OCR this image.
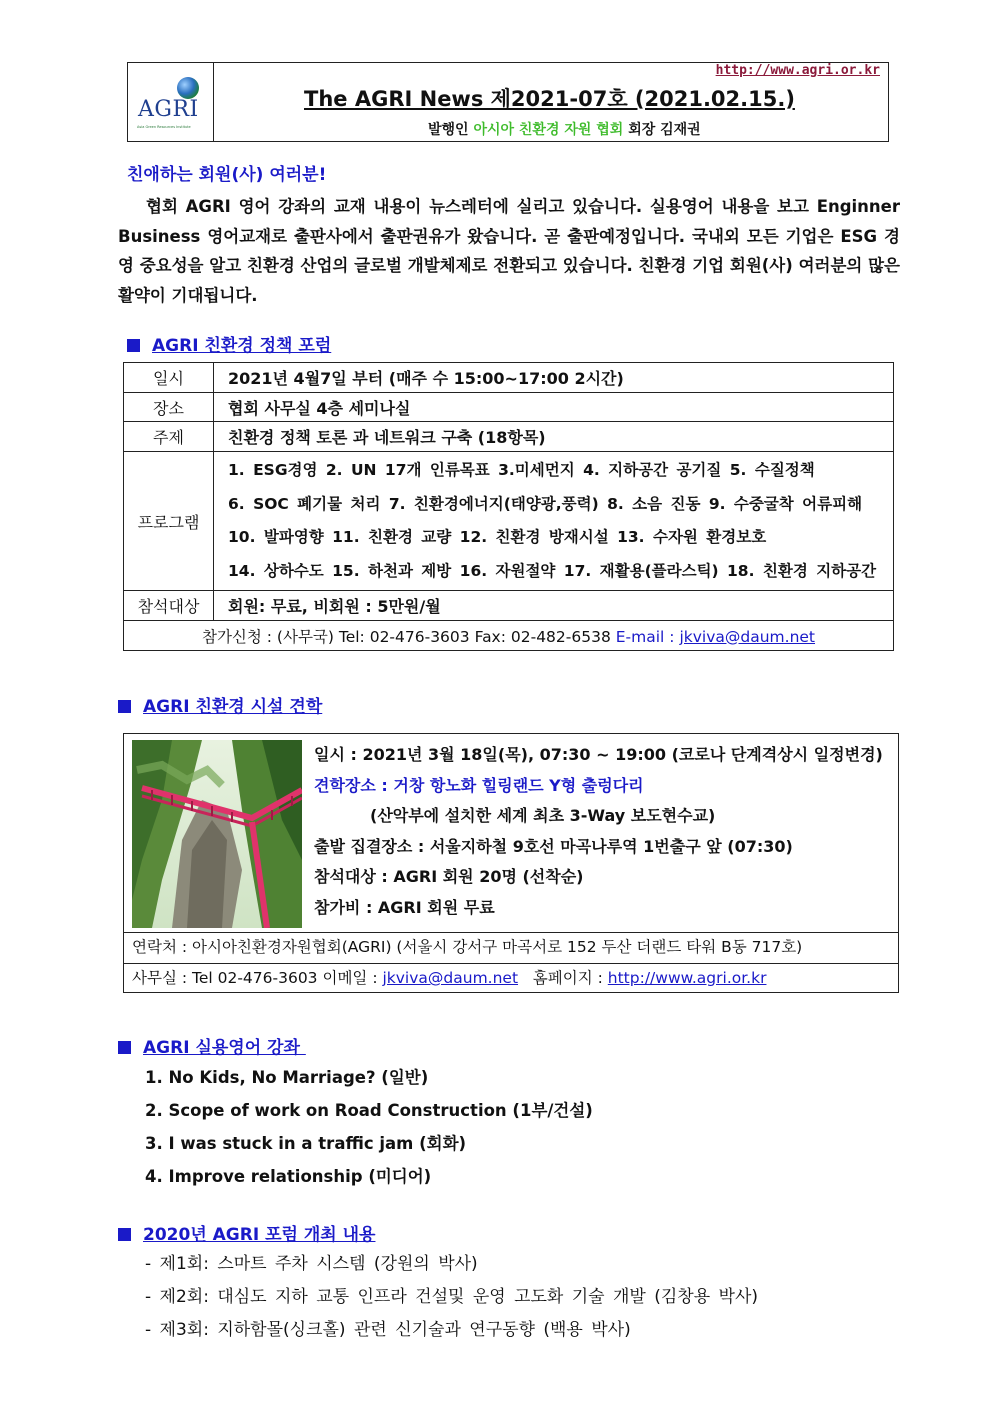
AGRI
Asia Green Resources Institute
http://www.agri.or.kr
The AGRI News 제2021-07호 (2021.02.15.)
발행인 아시아 친환경 자원 협회 회장 김재권
친애하는 회원(사) 여러분!
협회 AGRI 영어 강좌의 교재 내용이 뉴스레터에 실리고 있습니다. 실용영어 내용을 보고 Enginner Business 영어교재로 출판사에서 출판권유가 왔습니다. 곧 출판예정입니다. 국내외 모든 기업은 ESG 경영 중요성을 알고 친환경 산업의 글로벌 개발체제로 전환되고 있습니다. 친환경 기업 회원(사) 여러분의 많은 활약이 기대됩니다.
AGRI 친환경 정책 포럼
일시	2021년 4월7일 부터 (매주 수 15:00~17:00 2시간)
장소	협회 사무실 4층 세미나실
주제	친환경 정책 토론 과 네트워크 구축 (18항목)
프로그램	1. ESG경영 2. UN 17개 인류목표 3.미세먼지 4. 지하공간 공기질 5. 수질정책
6. SOC 폐기물 처리 7. 친환경에너지(태양광,풍력) 8. 소음 진동 9. 수중굴착 어류피해
10. 발파영향 11. 친환경 교량 12. 친환경 방재시설 13. 수자원 환경보호
14. 상하수도 15. 하천과 제방 16. 자원절약 17. 재활용(플라스틱) 18. 친환경 지하공간

참석대상	회원: 무료, 비회원 : 5만원/월
참가신청 : (사무국) Tel: 02-476-3603 Fax: 02-482-6538 E-mail : jkviva@daum.net	
AGRI 친환경 시설 견학
일시 : 2021년 3월 18일(목), 07:30 ~ 19:00 (코로나 단계격상시 일정변경)
견학장소 : 거창 항노화 힐링랜드 Y형 출렁다리
(산악부에 설치한 세계 최초 3-Way 보도현수교)
출발 집결장소 : 서울지하철 9호선 마곡나루역 1번출구 앞 (07:30)
참석대상 : AGRI 회원 20명 (선착순)
참가비 : AGRI 회원 무료
연락처 : 아시아친환경자원협회(AGRI) (서울시 강서구 마곡서로 152 두산 더랜드 타워 B동 717호)
사무실 : Tel 02-476-3603 이메일 : jkviva@daum.net   홈페이지 : http://www.agri.or.kr
AGRI 실용영어 강좌
1. No Kids, No Marriage? (일반)
2. Scope of work on Road Construction (1부/건설)
3. I was stuck in a traffic jam (회화)
4. Improve relationship (미디어)
2020년 AGRI 포럼 개최 내용
- 제1회: 스마트 주차 시스템 (강원의 박사)
- 제2회: 대심도 지하 교통 인프라 건설및 운영 고도화 기술 개발 (김창용 박사)
- 제3회: 지하함몰(싱크홀) 관련 신기술과 연구동향 (백용 박사)
